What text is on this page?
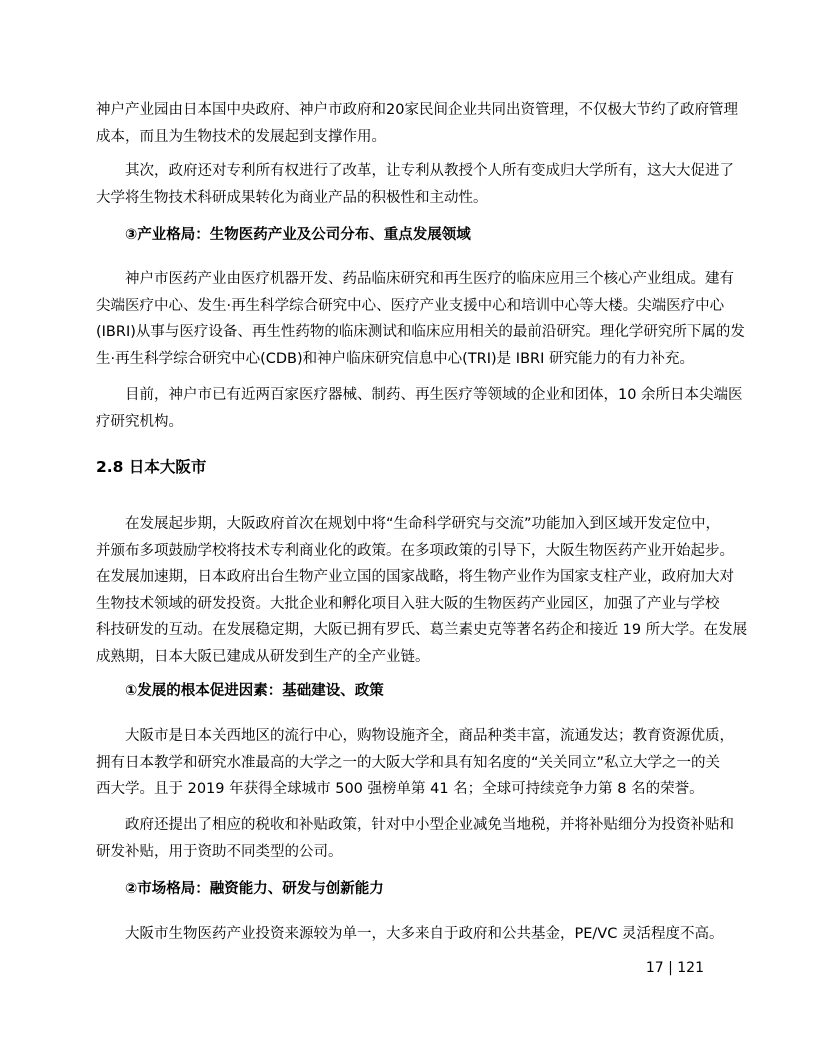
神户产业园由日本国中央政府、神户市政府和20家民间企业共同出资管理，不仅极大节约了政府管理
成本，而且为生物技术的发展起到支撑作用。

其次，政府还对专利所有权进行了改革，让专利从教授个人所有变成归大学所有，这大大促进了
大学将生物技术科研成果转化为商业产品的积极性和主动性。

③产业格局：生物医药产业及公司分布、重点发展领域

神户市医药产业由医疗机器开发、药品临床研究和再生医疗的临床应用三个核心产业组成。建有
尖端医疗中心、发生·再生科学综合研究中心、医疗产业支援中心和培训中心等大楼。尖端医疗中心
(IBRI)从事与医疗设备、再生性药物的临床测试和临床应用相关的最前沿研究。理化学研究所下属的发
生·再生科学综合研究中心(CDB)和神户临床研究信息中心(TRI)是 IBRI 研究能力的有力补充。

目前，神户市已有近两百家医疗器械、制药、再生医疗等领域的企业和团体，10 余所日本尖端医
疗研究机构。

2.8 日本大阪市

在发展起步期，大阪政府首次在规划中将“生命科学研究与交流”功能加入到区域开发定位中，
并颁布多项鼓励学校将技术专利商业化的政策。在多项政策的引导下，大阪生物医药产业开始起步。
在发展加速期，日本政府出台生物产业立国的国家战略，将生物产业作为国家支柱产业，政府加大对
生物技术领域的研发投资。大批企业和孵化项目入驻大阪的生物医药产业园区，加强了产业与学校
科技研发的互动。在发展稳定期，大阪已拥有罗氏、葛兰素史克等著名药企和接近 19 所大学。在发展
成熟期，日本大阪已建成从研发到生产的全产业链。

①发展的根本促进因素：基础建设、政策

大阪市是日本关西地区的流行中心，购物设施齐全，商品种类丰富，流通发达；教育资源优质，
拥有日本教学和研究水准最高的大学之一的大阪大学和具有知名度的“关关同立”私立大学之一的关
西大学。且于 2019 年获得全球城市 500 强榜单第 41 名；全球可持续竞争力第 8 名的荣誉。

政府还提出了相应的税收和补贴政策，针对中小型企业减免当地税，并将补贴细分为投资补贴和
研发补贴，用于资助不同类型的公司。

②市场格局：融资能力、研发与创新能力

大阪市生物医药产业投资来源较为单一，大多来自于政府和公共基金，PE/VC 灵活程度不高。

17 | 121
